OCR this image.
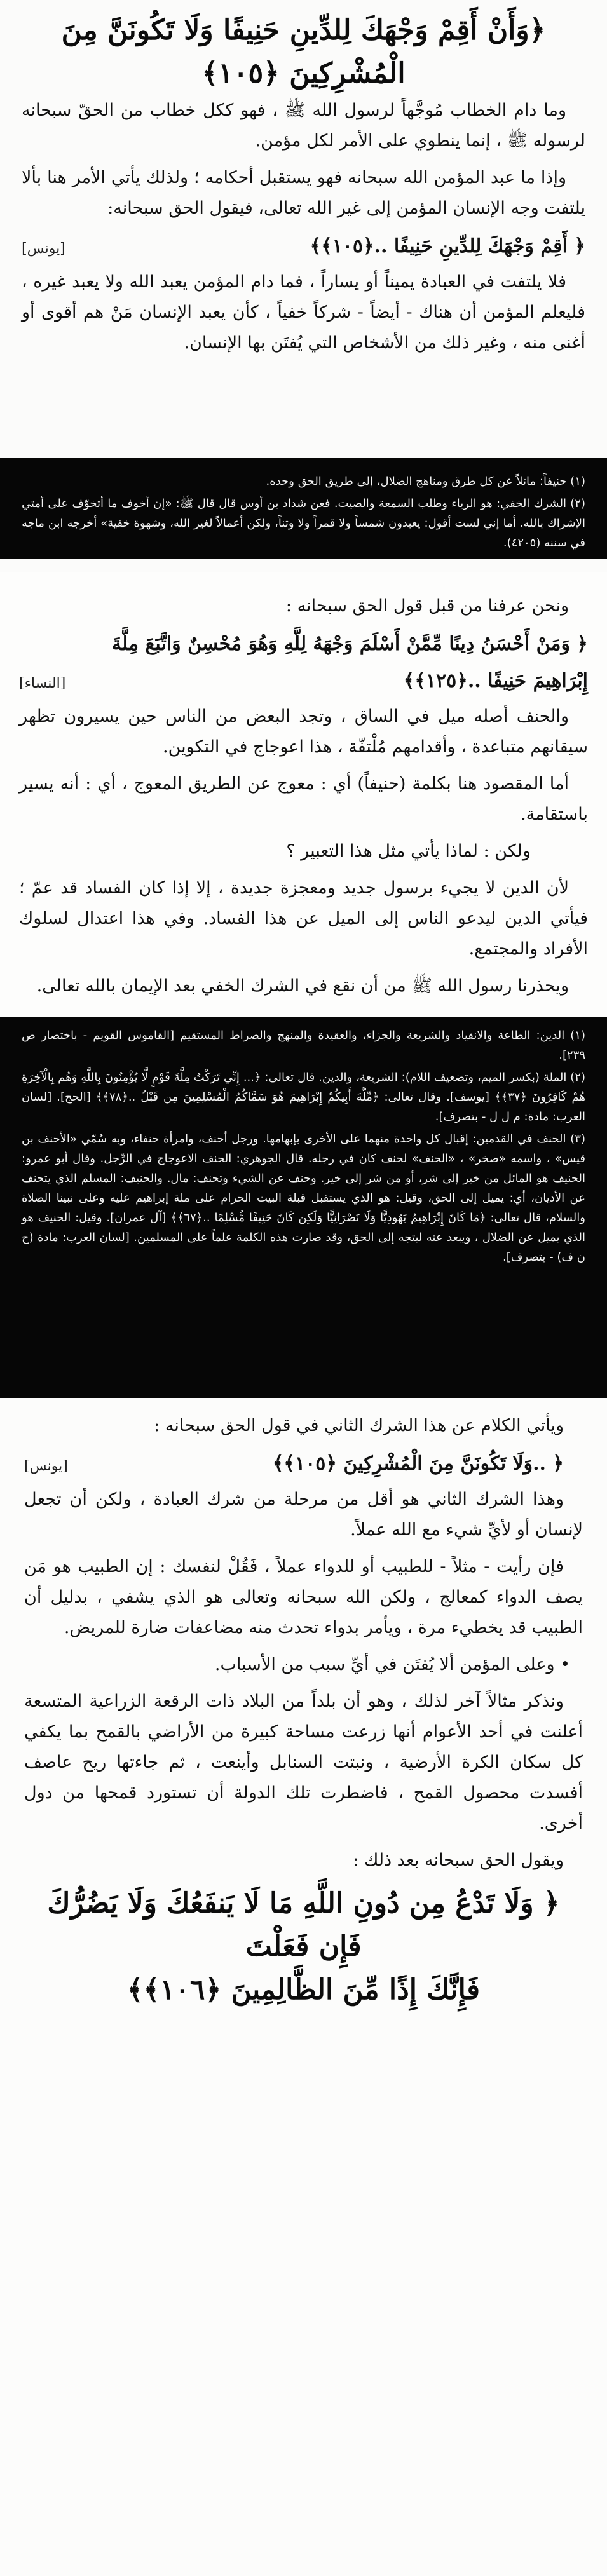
﴿وَأَنْ أَقِمْ وَجْهَكَ لِلدِّينِ حَنِيفًا وَلَا تَكُونَنَّ مِنَ
الْمُشْرِكِينَ ﴿١٠٥﴾

وما دام الخطاب مُوجَّهاً لرسول الله ﷺ ، فهو ككل خطاب من الحقّ سبحانه لرسوله ﷺ ، إنما ينطوي على الأمر لكل مؤمن.

وإذا ما عبد المؤمن الله سبحانه فهو يستقبل أحكامه ؛ ولذلك يأتي الأمر هنا بألا يلتفت وجه الإنسان المؤمن إلى غير الله تعالى، فيقول الحق سبحانه:

﴿ أَقِمْ وَجْهَكَ لِلدِّينِ حَنِيفًا ..﴿١٠٥﴾﴾
[يونس]

فلا يلتفت في العبادة يميناً أو يساراً ، فما دام المؤمن يعبد الله ولا يعبد غيره ، فليعلم المؤمن أن هناك - أيضاً - شركاً خفياً ، كأن يعبد الإنسان مَنْ هم أقوى أو أغنى منه ، وغير ذلك من الأشخاص التي يُفتَن بها الإنسان.

(١) حنيفاً: مائلاً عن كل طرق ومناهج الضلال، إلى طريق الحق وحده.

(٢) الشرك الخفي: هو الرياء وطلب السمعة والصيت. فعن شداد بن أوس قال قال ﷺ: «إن أخوف ما أتخوّف على أمتي الإشراك بالله. أما إني لست أقول: يعبدون شمساً ولا قمراً ولا وثناً، ولكن أعمالاً لغير الله، وشهوة خفية» أخرجه ابن ماجه في سننه (٤٢٠٥).

ونحن عرفنا من قبل قول الحق سبحانه :

﴿ وَمَنْ أَحْسَنُ دِينًا مِّمَّنْ أَسْلَمَ وَجْهَهُ لِلَّهِ وَهُوَ مُحْسِنٌ وَاتَّبَعَ مِلَّةَ
إِبْرَاهِيمَ حَنِيفًا ..﴿١٢٥﴾﴾
[النساء]

والحنف أصله ميل في الساق ، وتجد البعض من الناس حين يسيرون تظهر سيقانهم متباعدة ، وأقدامهم مُلْتفّة ، هذا اعوجاج في التكوين.

أما المقصود هنا بكلمة (حنيفاً) أي : معوج عن الطريق المعوج ، أي : أنه يسير باستقامة.

ولكن : لماذا يأتي مثل هذا التعبير ؟

لأن الدين لا يجيء برسول جديد ومعجزة جديدة ، إلا إذا كان الفساد قد عمّ ؛ فيأتي الدين ليدعو الناس إلى الميل عن هذا الفساد. وفي هذا اعتدال لسلوك الأفراد والمجتمع.

ويحذرنا رسول الله ﷺ من أن نقع في الشرك الخفي بعد الإيمان بالله تعالى.

(١) الدين: الطاعة والانقياد والشريعة والجزاء، والعقيدة والمنهج والصراط المستقيم [القاموس القويم - باختصار ص ٢٣٩].

(٢) الملة (بكسر الميم، وتضعيف اللام): الشريعة، والدين. قال تعالى: ﴿... إِنِّي تَرَكْتُ مِلَّةَ قَوْمٍ لَّا يُؤْمِنُونَ بِاللَّهِ وَهُم بِالْآخِرَةِ هُمْ كَافِرُونَ ﴿٣٧﴾﴾ [يوسف]. وقال تعالى: ﴿مِّلَّةَ أَبِيكُمْ إِبْرَاهِيمَ هُوَ سَمَّاكُمُ الْمُسْلِمِينَ مِن قَبْلُ ..﴿٧٨﴾﴾ [الحج]. [لسان العرب: مادة: م ل ل - بتصرف].

(٣) الحنف في القدمين: إقبال كل واحدة منهما على الأخرى بإبهامها. ورجل أحنف، وامرأة حنفاء، وبه سُمّي «الأحنف بن قيس» ، واسمه «صخر» ، «الحنف» لحنف كان في رجله. قال الجوهري: الحنف الاعوجاج في الرِّجل. وقال أبو عمرو: الحنيف هو المائل من خير إلى شر، أو من شر إلى خير. وحنف عن الشيء وتحنف: مال. والحنيف: المسلم الذي يتحنف عن الأديان، أي: يميل إلى الحق، وقيل: هو الذي يستقبل قبلة البيت الحرام على ملة إبراهيم عليه وعلى نبينا الصلاة والسلام، قال تعالى: ﴿مَا كَانَ إِبْرَاهِيمُ يَهُودِيًّا وَلَا نَصْرَانِيًّا وَلَكِن كَانَ حَنِيفًا مُّسْلِمًا ..﴿٦٧﴾﴾ [آل عمران]. وقيل: الحنيف هو الذي يميل عن الضلال ، ويبعد عنه ليتجه إلى الحق، وقد صارت هذه الكلمة علماً على المسلمين. [لسان العرب: مادة (ح ن ف) - بتصرف].

ويأتي الكلام عن هذا الشرك الثاني في قول الحق سبحانه :

﴿ ..وَلَا تَكُونَنَّ مِنَ الْمُشْرِكِينَ ﴿١٠٥﴾﴾
[يونس]

وهذا الشرك الثاني هو أقل من مرحلة من شرك العبادة ، ولكن أن تجعل لإنسان أو لأيِّ شيء مع الله عملاً.

فإن رأيت - مثلاً - للطبيب أو للدواء عملاً ، فَقُلْ لنفسك : إن الطبيب هو مَن يصف الدواء كمعالج ، ولكن الله سبحانه وتعالى هو الذي يشفي ، بدليل أن الطبيب قد يخطيء مرة ، ويأمر بدواء تحدث منه مضاعفات ضارة للمريض.

• وعلى المؤمن ألا يُفتَن في أيِّ سبب من الأسباب.

ونذكر مثالاً آخر لذلك ، وهو أن بلداً من البلاد ذات الرقعة الزراعية المتسعة أعلنت في أحد الأعوام أنها زرعت مساحة كبيرة من الأراضي بالقمح بما يكفي كل سكان الكرة الأرضية ، ونبتت السنابل وأينعت ، ثم جاءتها ريح عاصف أفسدت محصول القمح ، فاضطرت تلك الدولة أن تستورد قمحها من دول أخرى.

ويقول الحق سبحانه بعد ذلك :

﴿ وَلَا تَدْعُ مِن دُونِ اللَّهِ مَا لَا يَنفَعُكَ وَلَا يَضُرُّكَ فَإِن فَعَلْتَ
فَإِنَّكَ إِذًا مِّنَ الظَّالِمِينَ ﴿١٠٦﴾﴾
